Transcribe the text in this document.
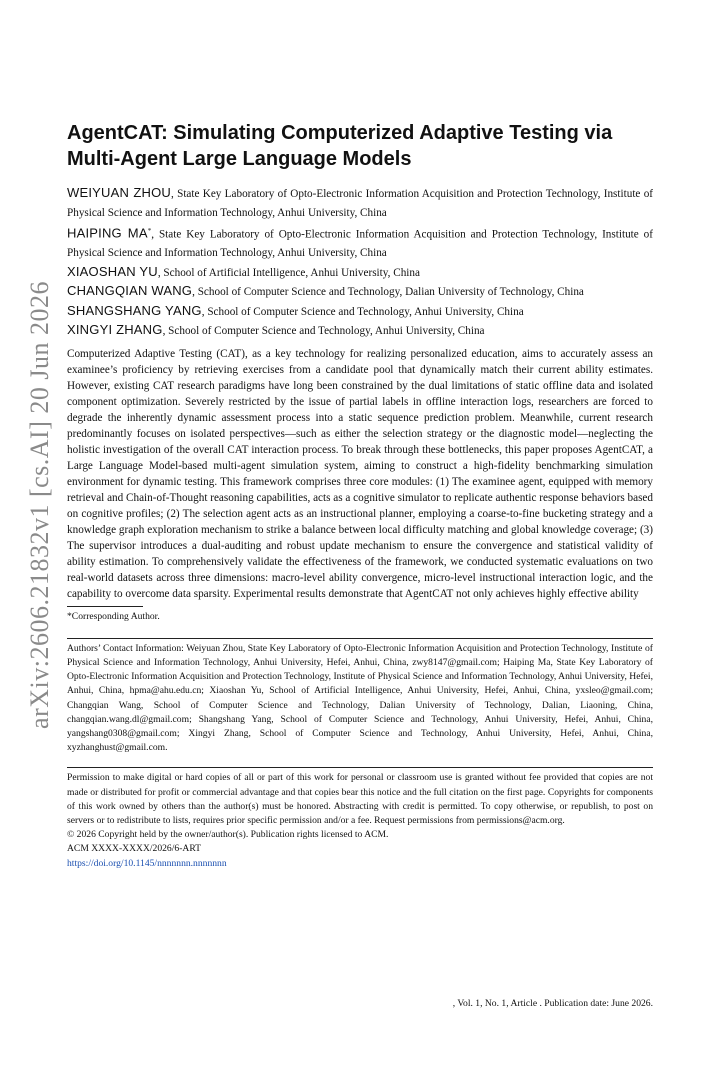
arXiv:2606.21832v1 [cs.AI] 20 Jun 2026
AgentCAT: Simulating Computerized Adaptive Testing via Multi-Agent Large Language Models
WEIYUAN ZHOU, State Key Laboratory of Opto-Electronic Information Acquisition and Protection Technology, Institute of Physical Science and Information Technology, Anhui University, China
HAIPING MA*, State Key Laboratory of Opto-Electronic Information Acquisition and Protection Technology, Institute of Physical Science and Information Technology, Anhui University, China
XIAOSHAN YU, School of Artificial Intelligence, Anhui University, China
CHANGQIAN WANG, School of Computer Science and Technology, Dalian University of Technology, China
SHANGSHANG YANG, School of Computer Science and Technology, Anhui University, China
XINGYI ZHANG, School of Computer Science and Technology, Anhui University, China

Computerized Adaptive Testing (CAT), as a key technology for realizing personalized education, aims to accurately assess an examinee’s proficiency by retrieving exercises from a candidate pool that dynamically match their current ability estimates. However, existing CAT research paradigms have long been constrained by the dual limitations of static offline data and isolated component optimization. Severely restricted by the issue of partial labels in offline interaction logs, researchers are forced to degrade the inherently dynamic assessment process into a static sequence prediction problem. Meanwhile, current research predominantly focuses on isolated perspectives—such as either the selection strategy or the diagnostic model—neglecting the holistic investigation of the overall CAT interaction process. To break through these bottlenecks, this paper proposes AgentCAT, a Large Language Model-based multi-agent simulation system, aiming to construct a high-fidelity benchmarking simulation environment for dynamic testing. This framework comprises three core modules: (1) The examinee agent, equipped with memory retrieval and Chain-of-Thought reasoning capabilities, acts as a cognitive simulator to replicate authentic response behaviors based on cognitive profiles; (2) The selection agent acts as an instructional planner, employing a coarse-to-fine bucketing strategy and a knowledge graph exploration mechanism to strike a balance between local difficulty matching and global knowledge coverage; (3) The supervisor introduces a dual-auditing and robust update mechanism to ensure the convergence and statistical validity of ability estimation. To comprehensively validate the effectiveness of the framework, we conducted systematic evaluations on two real-world datasets across three dimensions: macro-level ability convergence, micro-level instructional interaction logic, and the capability to overcome data sparsity. Experimental results demonstrate that AgentCAT not only achieves highly effective ability

*Corresponding Author.
Authors’ Contact Information: Weiyuan Zhou, State Key Laboratory of Opto-Electronic Information Acquisition and Protection Technology, Institute of Physical Science and Information Technology, Anhui University, Hefei, Anhui, China, zwy8147@gmail.com; Haiping Ma, State Key Laboratory of Opto-Electronic Information Acquisition and Protection Technology, Institute of Physical Science and Information Technology, Anhui University, Hefei, Anhui, China, hpma@ahu.edu.cn; Xiaoshan Yu, School of Artificial Intelligence, Anhui University, Hefei, Anhui, China, yxsleo@gmail.com; Changqian Wang, School of Computer Science and Technology, Dalian University of Technology, Dalian, Liaoning, China, changqian.wang.dl@gmail.com; Shangshang Yang, School of Computer Science and Technology, Anhui University, Hefei, Anhui, China, yangshang0308@gmail.com; Xingyi Zhang, School of Computer Science and Technology, Anhui University, Hefei, Anhui, China, xyzhanghust@gmail.com.
Permission to make digital or hard copies of all or part of this work for personal or classroom use is granted without fee provided that copies are not made or distributed for profit or commercial advantage and that copies bear this notice and the full citation on the first page. Copyrights for components of this work owned by others than the author(s) must be honored. Abstracting with credit is permitted. To copy otherwise, or republish, to post on servers or to redistribute to lists, requires prior specific permission and/or a fee. Request permissions from permissions@acm.org.
© 2026 Copyright held by the owner/author(s). Publication rights licensed to ACM.
ACM XXXX-XXXX/2026/6-ART
https://doi.org/10.1145/nnnnnnn.nnnnnnn
, Vol. 1, No. 1, Article . Publication date: June 2026.
